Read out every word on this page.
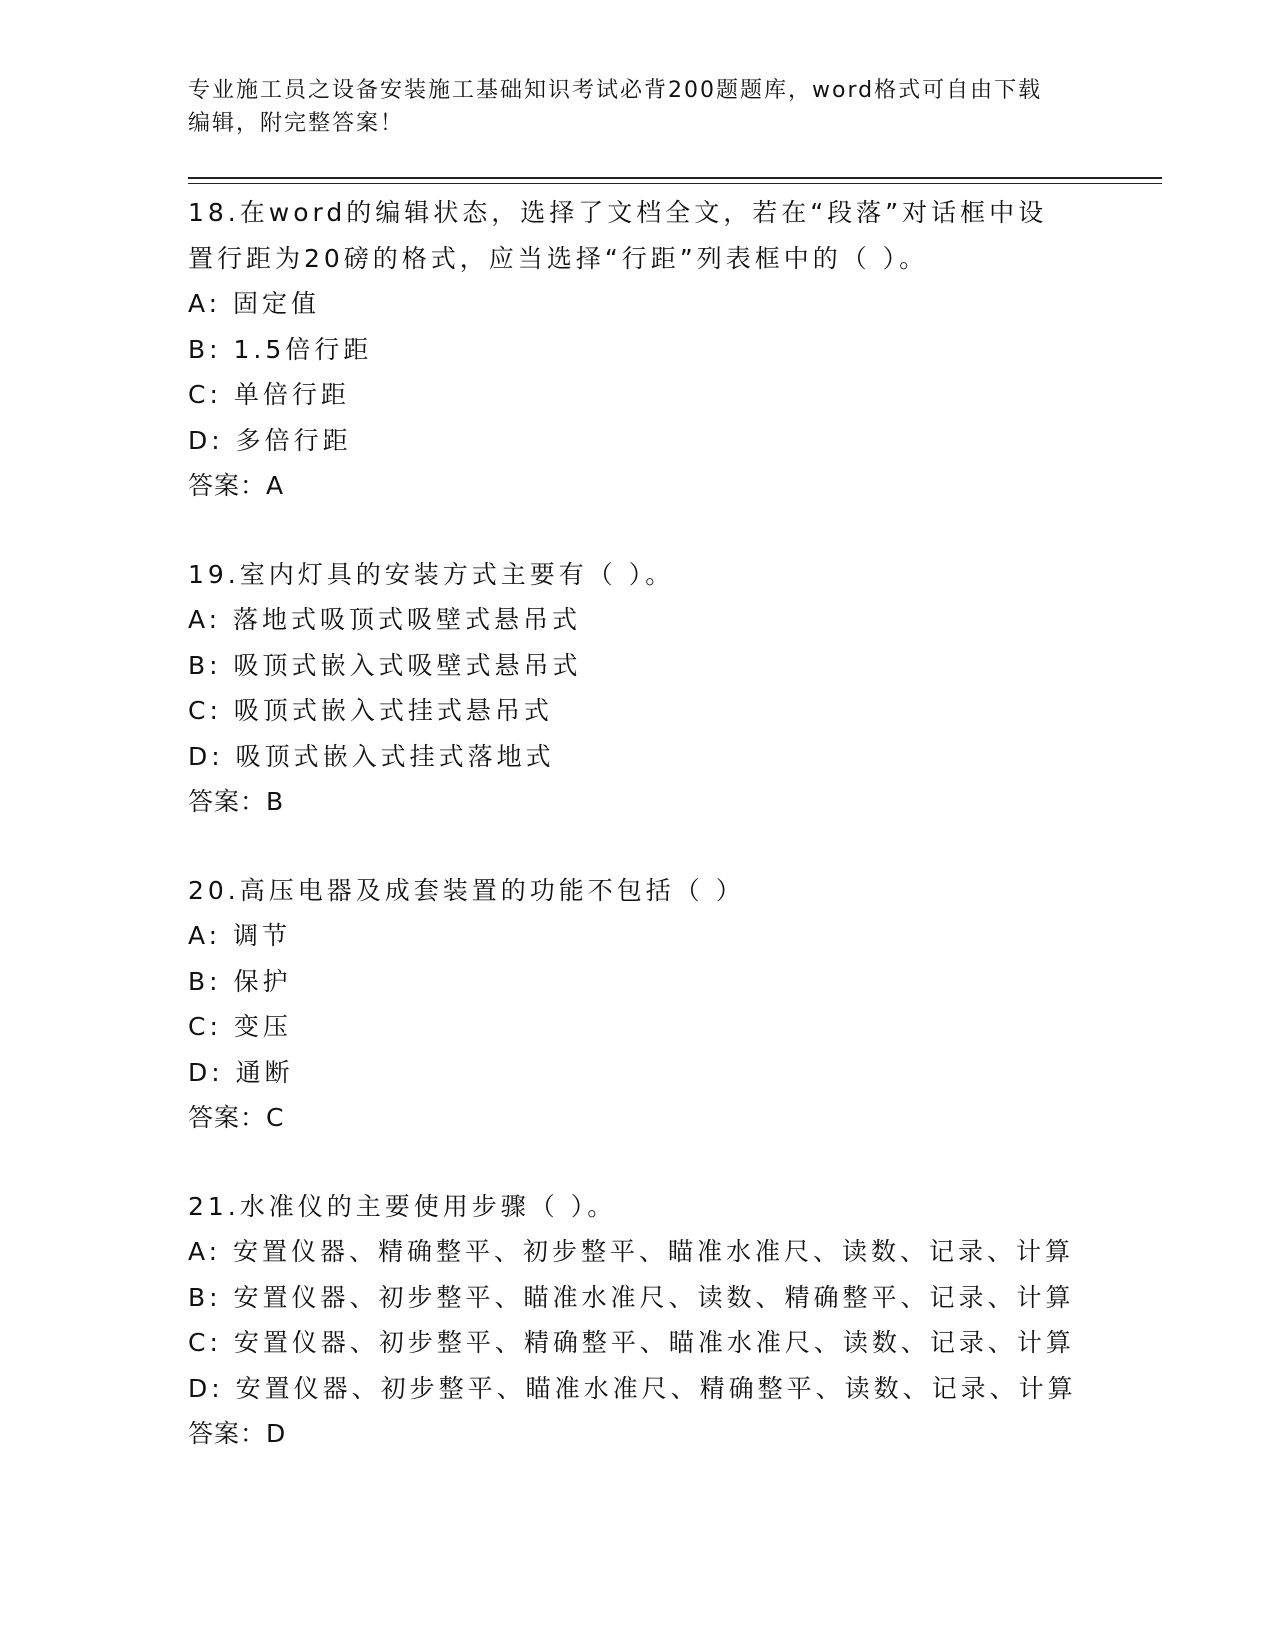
专业施工员之设备安装施工基础知识考试必背200题题库，word格式可自由下载
编辑，附完整答案！
18.在word的编辑状态，选择了文档全文，若在“段落”对话框中设
置行距为20磅的格式，应当选择“行距”列表框中的（ ）。
A: 固定值
B: 1.5倍行距
C: 单倍行距
D: 多倍行距
答案：A
19.室内灯具的安装方式主要有（ ）。
A: 落地式吸顶式吸壁式悬吊式
B: 吸顶式嵌入式吸壁式悬吊式
C: 吸顶式嵌入式挂式悬吊式
D: 吸顶式嵌入式挂式落地式
答案：B
20.高压电器及成套装置的功能不包括（ ）
A: 调节
B: 保护
C: 变压
D: 通断
答案：C
21.水准仪的主要使用步骤（ ）。
A: 安置仪器、精确整平、初步整平、瞄准水准尺、读数、记录、计算
B: 安置仪器、初步整平、瞄准水准尺、读数、精确整平、记录、计算
C: 安置仪器、初步整平、精确整平、瞄准水准尺、读数、记录、计算
D: 安置仪器、初步整平、瞄准水准尺、精确整平、读数、记录、计算
答案：D
